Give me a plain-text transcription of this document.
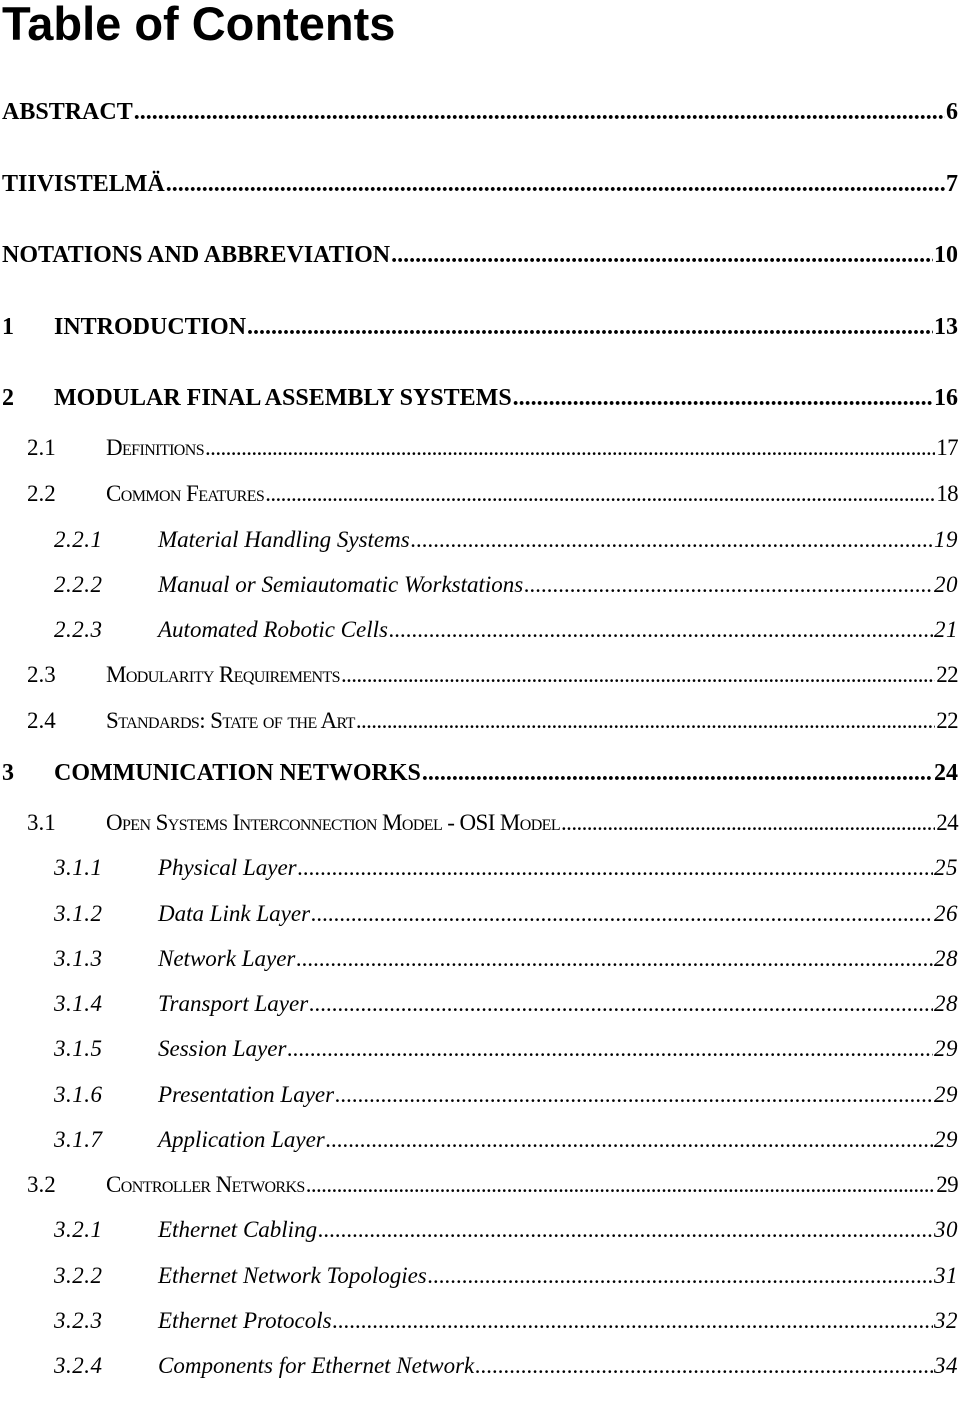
Table of Contents
ABSTRACT .....	6
TIIVISTELMÄ .....	7
NOTATIONS AND ABBREVIATION .....	10
1	INTRODUCTION .....	13
2	MODULAR FINAL ASSEMBLY SYSTEMS .....	16
2.1	Definitions .....	17
2.2	Common Features .....	18
2.2.1	Material Handling Systems .....	19
2.2.2	Manual or Semiautomatic Workstations .....	20
2.2.3	Automated Robotic Cells .....	21
2.3	Modularity Requirements .....	22
2.4	Standards: State of the Art .....	22
3	COMMUNICATION NETWORKS .....	24
3.1	Open Systems Interconnection Model - OSI Model .....	24
3.1.1	Physical Layer .....	25
3.1.2	Data Link Layer .....	26
3.1.3	Network Layer .....	28
3.1.4	Transport Layer .....	28
3.1.5	Session Layer .....	29
3.1.6	Presentation Layer .....	29
3.1.7	Application Layer .....	29
3.2	Controller Networks .....	29
3.2.1	Ethernet Cabling .....	30
3.2.2	Ethernet Network Topologies .....	31
3.2.3	Ethernet Protocols .....	32
3.2.4	Components for Ethernet Network .....	34
